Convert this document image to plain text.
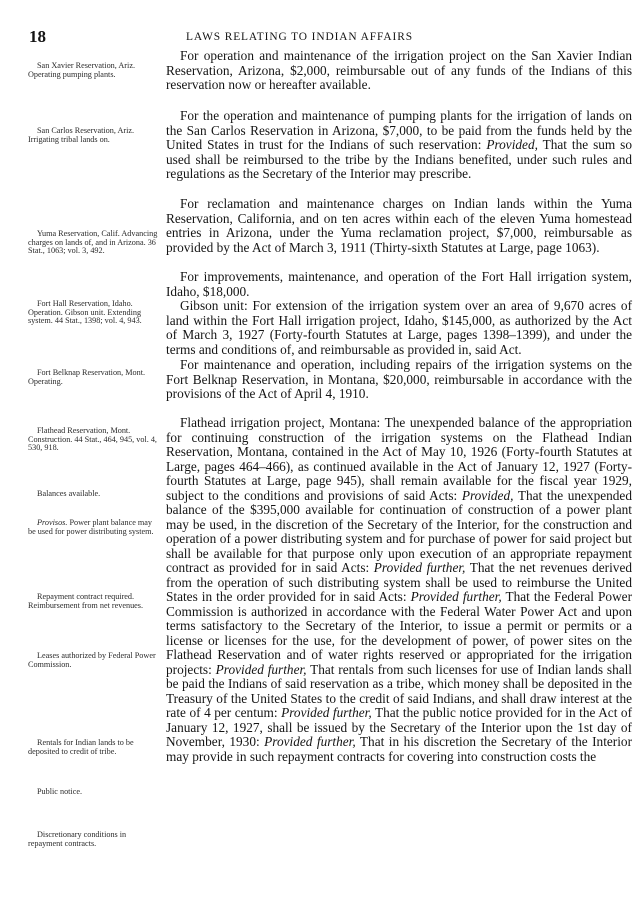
18	LAWS RELATING TO INDIAN AFFAIRS
San Xavier Reservation, Ariz. Operating pumping plants.
San Carlos Reservation, Ariz. Irrigating tribal lands on.
Yuma Reservation, Calif. Advancing charges on lands of, and in Arizona. 36 Stat., 1063; vol. 3, 492.
Fort Hall Reservation, Idaho. Operation. Gibson unit. Extending system. 44 Stat., 1398; vol. 4, 943.
Fort Belknap Reservation, Mont. Operating.
Flathead Reservation, Mont. Construction. 44 Stat., 464, 945, vol. 4, 530, 918.
Balances available.
Provisos. Power plant balance may be used for power distributing system.
Repayment contract required. Reimbursement from net revenues.
Leases authorized by Federal Power Commission.
Rentals for Indian lands to be deposited to credit of tribe.
Public notice.
Discretionary conditions in repayment contracts.

For operation and maintenance of the irrigation project on the San Xavier Indian Reservation, Arizona, $2,000, reimbursable out of any funds of the Indians of this reservation now or hereafter available.

For the operation and maintenance of pumping plants for the irrigation of lands on the San Carlos Reservation in Arizona, $7,000, to be paid from the funds held by the United States in trust for the Indians of such reservation: Provided, That the sum so used shall be reimbursed to the tribe by the Indians benefited, under such rules and regulations as the Secretary of the Interior may prescribe.

For reclamation and maintenance charges on Indian lands within the Yuma Reservation, California, and on ten acres within each of the eleven Yuma homestead entries in Arizona, under the Yuma reclamation project, $7,000, reimbursable as provided by the Act of March 3, 1911 (Thirty-sixth Statutes at Large, page 1063).

For improvements, maintenance, and operation of the Fort Hall irrigation system, Idaho, $18,000.

Gibson unit: For extension of the irrigation system over an area of 9,670 acres of land within the Fort Hall irrigation project, Idaho, $145,000, as authorized by the Act of March 3, 1927 (Forty-fourth Statutes at Large, pages 1398–1399), and under the terms and conditions of, and reimbursable as provided in, said Act.

For maintenance and operation, including repairs of the irrigation systems on the Fort Belknap Reservation, in Montana, $20,000, reimbursable in accordance with the provisions of the Act of April 4, 1910.

Flathead irrigation project, Montana: The unexpended balance of the appropriation for continuing construction of the irrigation systems on the Flathead Indian Reservation, Montana, contained in the Act of May 10, 1926 (Forty-fourth Statutes at Large, pages 464–466), as continued available in the Act of January 12, 1927 (Forty-fourth Statutes at Large, page 945), shall remain available for the fiscal year 1929, subject to the conditions and provisions of said Acts: Provided, That the unexpended balance of the $395,000 available for continuation of construction of a power plant may be used, in the discretion of the Secretary of the Interior, for the construction and operation of a power distributing system and for purchase of power for said project but shall be available for that purpose only upon execution of an appropriate repayment contract as provided for in said Acts: Provided further, That the net revenues derived from the operation of such distributing system shall be used to reimburse the United States in the order provided for in said Acts: Provided further, That the Federal Power Commission is authorized in accordance with the Federal Water Power Act and upon terms satisfactory to the Secretary of the Interior, to issue a permit or permits or a license or licenses for the use, for the development of power, of power sites on the Flathead Reservation and of water rights reserved or appropriated for the irrigation projects: Provided further, That rentals from such licenses for use of Indian lands shall be paid the Indians of said reservation as a tribe, which money shall be deposited in the Treasury of the United States to the credit of said Indians, and shall draw interest at the rate of 4 per centum: Provided further, That the public notice provided for in the Act of January 12, 1927, shall be issued by the Secretary of the Interior upon the 1st day of November, 1930: Provided further, That in his discretion the Secretary of the Interior may provide in such repayment contracts for covering into construction costs the
